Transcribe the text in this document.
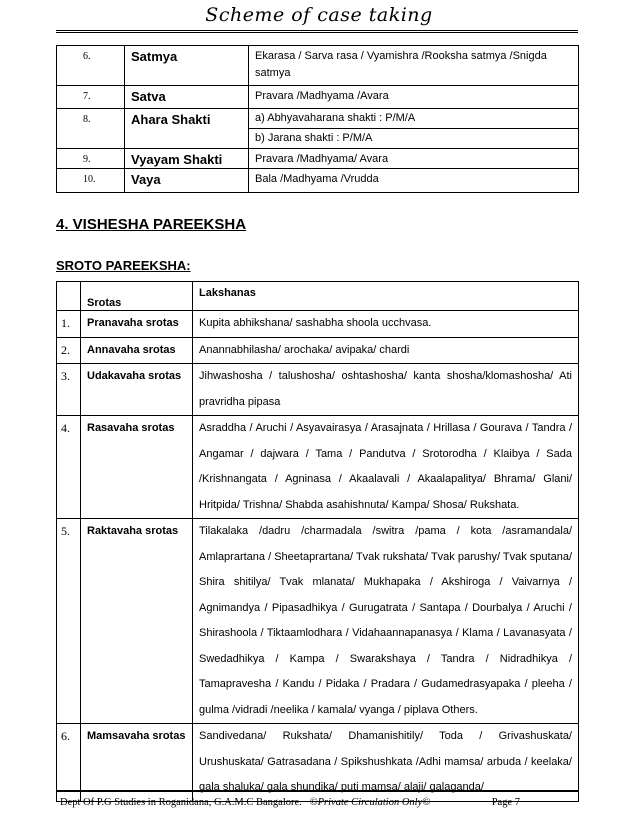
Scheme of case taking
6.	Satmya	Ekarasa / Sarva rasa / Vyamishra /Rooksha satmya /Snigda satmya
7.	Satva	Pravara /Madhyama /Avara
8.	Ahara Shakti	a) Abhyavaharana shakti : P/M/A
b) Jarana shakti : P/M/A

9.	Vyayam Shakti	Pravara /Madhyama/ Avara
10.	Vaya	Bala /Madhyama /Vrudda
4. VISHESHA PAREEKSHA
SROTO PAREEKSHA:
	Srotas	Lakshanas
1.	Pranavaha srotas	Kupita abhikshana/ sashabha shoola ucchvasa.
2.	Annavaha srotas	Anannabhilasha/ arochaka/ avipaka/ chardi
3.	Udakavaha srotas	Jihwashosha / talushosha/ oshtashosha/ kanta shosha/klomashosha/ Ati pravridha pipasa
4.	Rasavaha srotas	Asraddha / Aruchi / Asyavairasya / Arasajnata / Hrillasa / Gourava / Tandra / Angamar / dajwara / Tama / Pandutva / Srotorodha / Klaibya / Sada /Krishnangata / Agninasa / Akaalavali / Akaalapalitya/ Bhrama/ Glani/ Hritpida/ Trishna/ Shabda asahishnuta/ Kampa/ Shosa/ Rukshata.
5.	Raktavaha srotas	Tilakalaka /dadru /charmadala /switra /pama / kota /asramandala/ Amlaprartana / Sheetaprartana/ Tvak rukshata/ Tvak parushy/ Tvak sputana/ Shira shitilya/ Tvak mlanata/ Mukhapaka / Akshiroga / Vaivarnya / Agnimandya / Pipasadhikya / Gurugatrata / Santapa / Dourbalya / Aruchi / Shirashoola / Tiktaamlodhara / Vidahaannapanasya / Klama / Lavanasyata / Swedadhikya / Kampa / Swarakshaya / Tandra / Nidradhikya / Tamapravesha / Kandu / Pidaka / Pradara / Gudamedrasyapaka / pleeha / gulma /vidradi /neelika / kamala/ vyanga / piplava Others.
6.	Mamsavaha srotas	Sandivedana/ Rukshata/ Dhamanishitily/ Toda / Grivashuskata/ Urushuskata/ Gatrasadana / Spikshushkata /Adhi mamsa/ arbuda / keelaka/ gala shaluka/ gala shundika/ puti mamsa/ alaji/ galaganda/
Dept Of P.G Studies in Roganidana, G.A.M.C Bangalore. ©Private Circulation Only©	Page 7
